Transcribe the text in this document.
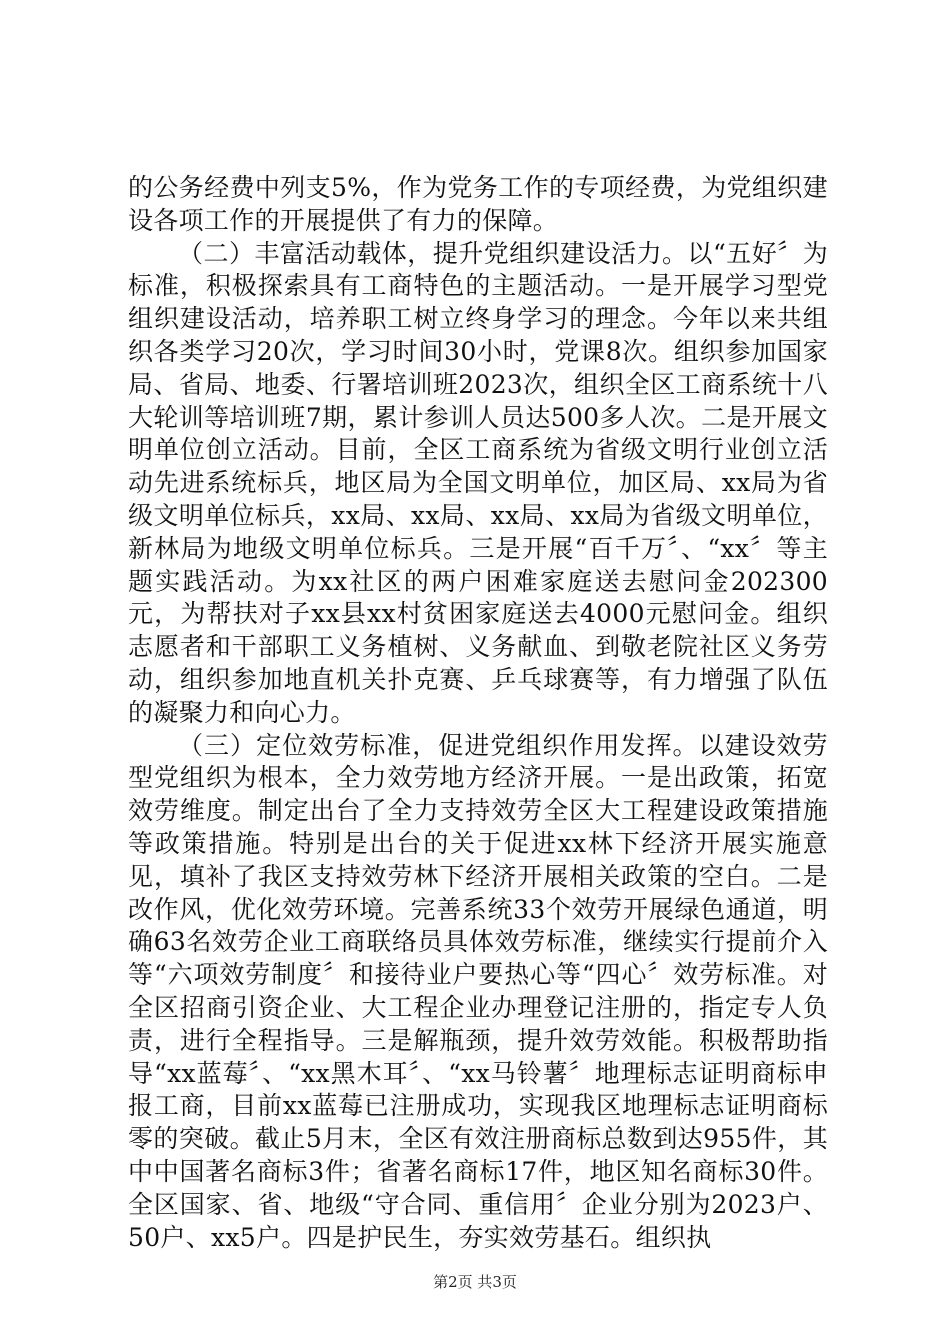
的公务经费中列支5%，作为党务工作的专项经费，为党组织建设各项工作的开展提供了有力的保障。

（二）丰富活动载体，提升党组织建设活力。以“五好〞为标准，积极探索具有工商特色的主题活动。一是开展学习型党组织建设活动，培养职工树立终身学习的理念。今年以来共组织各类学习20次，学习时间30小时，党课8次。组织参加国家局、省局、地委、行署培训班2023次，组织全区工商系统十八大轮训等培训班7期，累计参训人员达500多人次。二是开展文明单位创立活动。目前，全区工商系统为省级文明行业创立活动先进系统标兵，地区局为全国文明单位，加区局、xx局为省级文明单位标兵，xx局、xx局、xx局、xx局为省级文明单位，新林局为地级文明单位标兵。三是开展“百千万〞、“xx〞等主题实践活动。为xx社区的两户困难家庭送去慰问金202300元，为帮扶对子xx县xx村贫困家庭送去4000元慰问金。组织志愿者和干部职工义务植树、义务献血、到敬老院社区义务劳动，组织参加地直机关扑克赛、乒乓球赛等，有力增强了队伍的凝聚力和向心力。

（三）定位效劳标准，促进党组织作用发挥。以建设效劳型党组织为根本，全力效劳地方经济开展。一是出政策，拓宽效劳维度。制定出台了全力支持效劳全区大工程建设政策措施等政策措施。特别是出台的关于促进xx林下经济开展实施意见，填补了我区支持效劳林下经济开展相关政策的空白。二是改作风，优化效劳环境。完善系统33个效劳开展绿色通道，明确63名效劳企业工商联络员具体效劳标准，继续实行提前介入等“六项效劳制度〞和接待业户要热心等“四心〞效劳标准。对全区招商引资企业、大工程企业办理登记注册的，指定专人负责，进行全程指导。三是解瓶颈，提升效劳效能。积极帮助指导“xx蓝莓〞、“xx黑木耳〞、“xx马铃薯〞地理标志证明商标申报工商，目前xx蓝莓已注册成功，实现我区地理标志证明商标零的突破。截止5月末，全区有效注册商标总数到达955件，其中中国著名商标3件；省著名商标17件，地区知名商标30件。全区国家、省、地级“守合同、重信用〞企业分别为2023户、50户、xx5户。四是护民生，夯实效劳基石。组织执

第2页 共3页
